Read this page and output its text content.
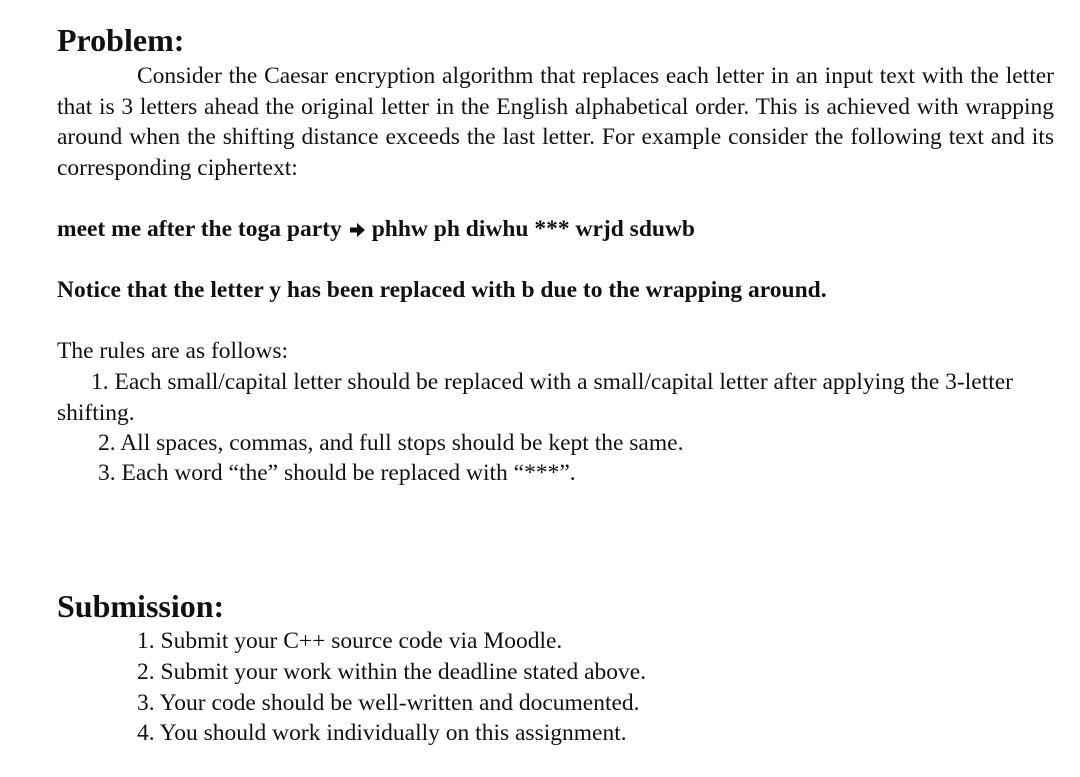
Problem:

Consider the Caesar encryption algorithm that replaces each letter in an input text with the letter that is 3 letters ahead the original letter in the English alphabetical order. This is achieved with wrapping around when the shifting distance exceeds the last letter. For example consider the following text and its corresponding ciphertext:

meet me after the toga party phhw ph diwhu *** wrjd sduwb

Notice that the letter y has been replaced with b due to the wrapping around.

The rules are as follows:

1. Each small/capital letter should be replaced with a small/capital letter after applying the 3-letter shifting.

2. All spaces, commas, and full stops should be kept the same.

3. Each word “the” should be replaced with “***”.

Submission:

1. Submit your C++ source code via Moodle.

2. Submit your work within the deadline stated above.

3. Your code should be well-written and documented.

4. You should work individually on this assignment.
